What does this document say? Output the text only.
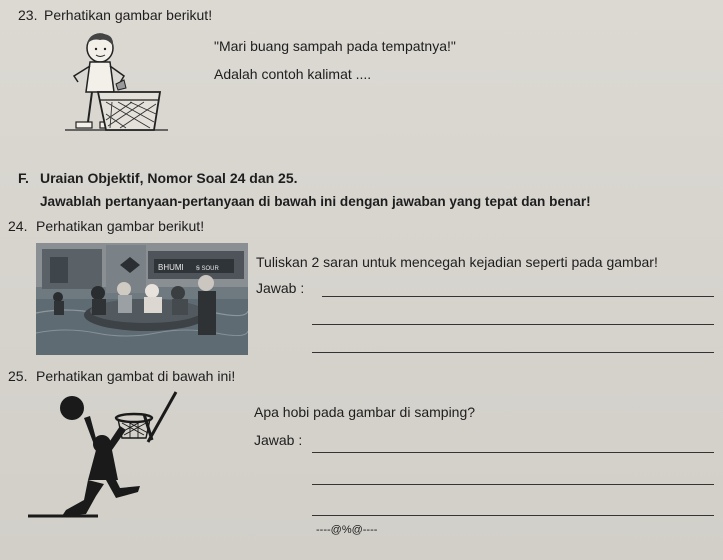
23. Perhatikan gambar berikut!
"Mari buang sampah pada tempatnya!"
Adalah contoh kalimat ....
F. Uraian Objektif, Nomor Soal 24 dan 25.
Jawablah pertanyaan-pertanyaan di bawah ini dengan jawaban yang tepat dan benar!
24. Perhatikan gambar berikut!
BHUMI Ꞩ SOUR	Tuliskan 2 saran untuk mencegah kejadian seperti pada gambar!
Jawab :
25. Perhatikan gambat di bawah ini!
Apa hobi pada gambar di samping?
Jawab :
----@%@----
